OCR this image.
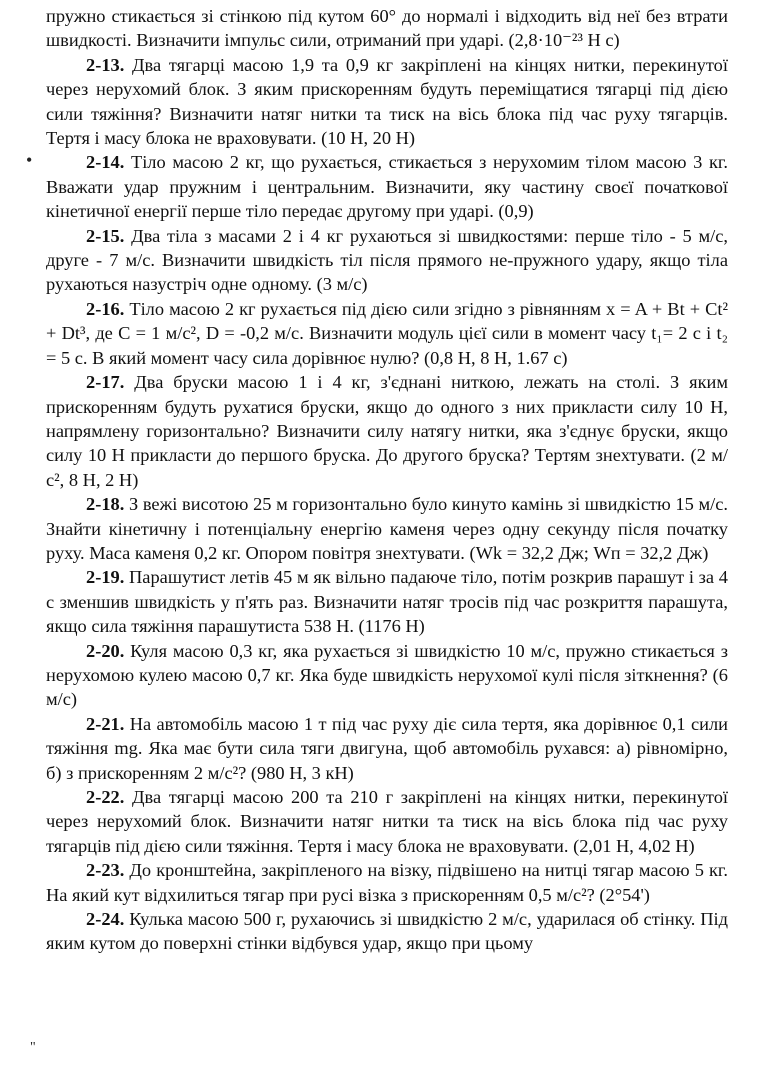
•
"

пружно стикається зі стінкою під кутом 60° до нормалі і відходить від неї без втрати швидкості. Визначити імпульс сили, отриманий при ударі. (2,8·10⁻²³ Н с)

2-13. Два тягарці масою 1,9 та 0,9 кг закріплені на кінцях нитки, перекинутої через нерухомий блок. З яким прискоренням будуть переміщатися тягарці під дією сили тяжіння? Визначити натяг нитки та тиск на вісь блока під час руху тягарців. Тертя і масу блока не враховувати. (10 Н, 20 Н)

2-14. Тіло масою 2 кг, що рухається, стикається з нерухомим тілом масою 3 кг. Вважати удар пружним і центральним. Визначити, яку частину своєї початкової кінетичної енергії перше тіло передає другому при ударі. (0,9)

2-15. Два тіла з масами 2 і 4 кг рухаються зі швидкостями: перше тіло - 5 м/с, друге - 7 м/с. Визначити швидкість тіл після прямого не-пружного удару, якщо тіла рухаються назустріч одне одному. (3 м/с)

2-16. Тіло масою 2 кг рухається під дією сили згідно з рівнянням x = A + Bt + Ct² + Dt³, де C = 1 м/с², D = -0,2 м/с. Визначити модуль цієї сили в момент часу t₁= 2 с і t₂ = 5 с. В який момент часу сила дорівнює нулю? (0,8 Н, 8 Н, 1.67 с)

2-17. Два бруски масою 1 і 4 кг, з'єднані ниткою, лежать на столі. З яким прискоренням будуть рухатися бруски, якщо до одного з них прикласти силу 10 Н, напрямлену горизонтально? Визначити силу натягу нитки, яка з'єднує бруски, якщо силу 10 Н прикласти до першого бруска. До другого бруска? Тертям знехтувати. (2 м/с², 8 Н, 2 Н)

2-18. З вежі висотою 25 м горизонтально було кинуто камінь зі швидкістю 15 м/с. Знайти кінетичну і потенціальну енергію каменя через одну секунду після початку руху. Маса каменя 0,2 кг. Опором повітря знехтувати. (Wk = 32,2 Дж; Wп = 32,2 Дж)

2-19. Парашутист летів 45 м як вільно падаюче тіло, потім розкрив парашут і за 4 с зменшив швидкість у п'ять раз. Визначити натяг тросів під час розкриття парашута, якщо сила тяжіння парашутиста 538 Н. (1176 Н)

2-20. Куля масою 0,3 кг, яка рухається зі швидкістю 10 м/с, пружно стикається з нерухомою кулею масою 0,7 кг. Яка буде швидкість нерухомої кулі після зіткнення? (6 м/с)

2-21. На автомобіль масою 1 т під час руху діє сила тертя, яка дорівнює 0,1 сили тяжіння mg. Яка має бути сила тяги двигуна, щоб автомобіль рухався: а) рівномірно, б) з прискоренням 2 м/с²? (980 Н, 3 кН)

2-22. Два тягарці масою 200 та 210 г закріплені на кінцях нитки, перекинутої через нерухомий блок. Визначити натяг нитки та тиск на вісь блока під час руху тягарців під дією сили тяжіння. Тертя і масу блока не враховувати. (2,01 Н, 4,02 Н)

2-23. До кронштейна, закріпленого на візку, підвішено на нитці тягар масою 5 кг. На який кут відхилиться тягар при русі візка з прискоренням 0,5 м/с²? (2°54')

2-24. Кулька масою 500 г, рухаючись зі швидкістю 2 м/с, ударилася об стінку. Під яким кутом до поверхні стінки відбувся удар, якщо при цьому
